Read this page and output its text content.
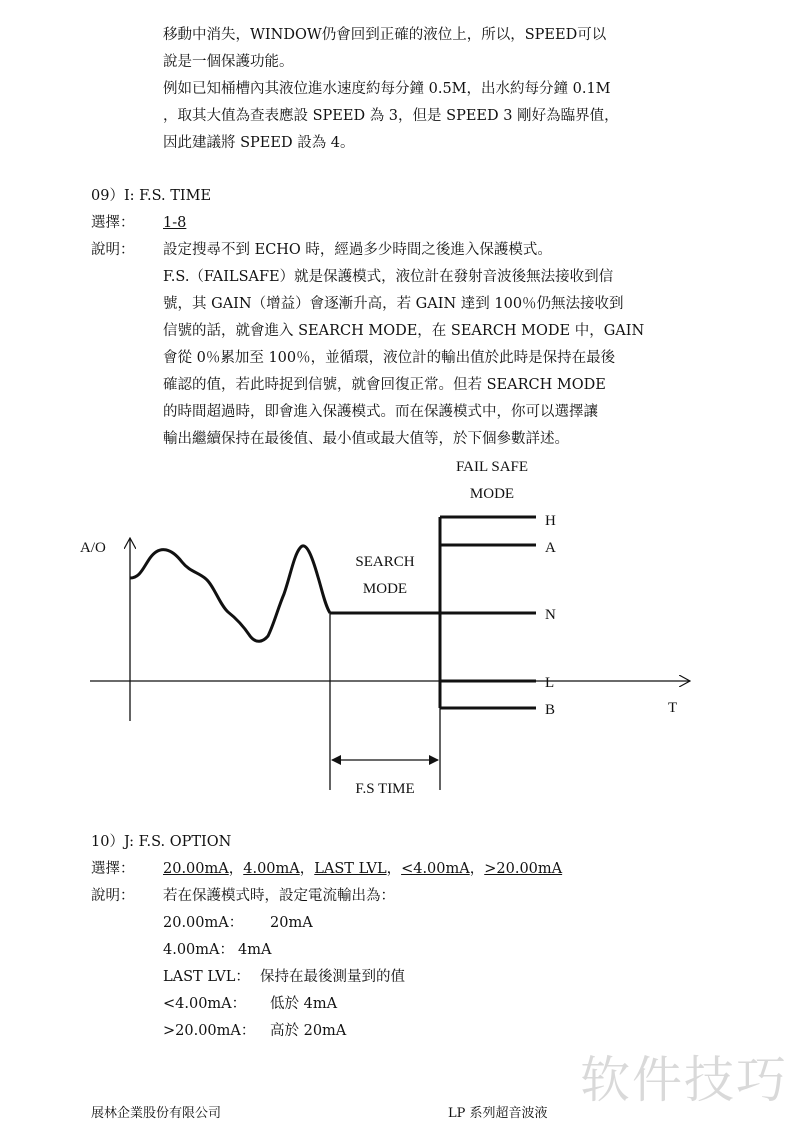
移動中消失，WINDOW仍會回到正確的液位上，所以，SPEED可以
說是一個保護功能。
例如已知桶槽內其液位進水速度約每分鐘 0.5M，出水約每分鐘 0.1M
，取其大值為查表應設 SPEED 為 3，但是 SPEED 3 剛好為臨界值，
因此建議將 SPEED 設為 4。
09）I: F.S. TIME
選擇： 1-8
說明： 設定搜尋不到 ECHO 時，經過多少時間之後進入保護模式。
F.S.（FAILSAFE）就是保護模式，液位計在發射音波後無法接收到信
號，其 GAIN（增益）會逐漸升高，若 GAIN 達到 100％仍無法接收到
信號的話，就會進入 SEARCH MODE，在 SEARCH MODE 中，GAIN
會從 0％累加至 100％，並循環，液位計的輸出值於此時是保持在最後
確認的值，若此時捉到信號，就會回復正常。但若 SEARCH MODE
的時間超過時，即會進入保護模式。而在保護模式中，你可以選擇讓
輸出繼續保持在最後值、最小值或最大值等，於下個參數詳述。
FAIL SAFE
MODE
A/O
T
SEARCH
MODE
H
A
N
L
B
F.S TIME
10）J: F.S. OPTION
選擇： 20.00mA，4.00mA，LAST LVL，<4.00mA，>20.00mA
說明： 若在保護模式時，設定電流輸出為：
20.00mA： 20mA
4.00mA： 4mA
LAST LVL： 保持在最後測量到的值
<4.00mA： 低於 4mA
>20.00mA： 高於 20mA
软件技巧
展林企業股份有限公司	LP 系列超音波液
